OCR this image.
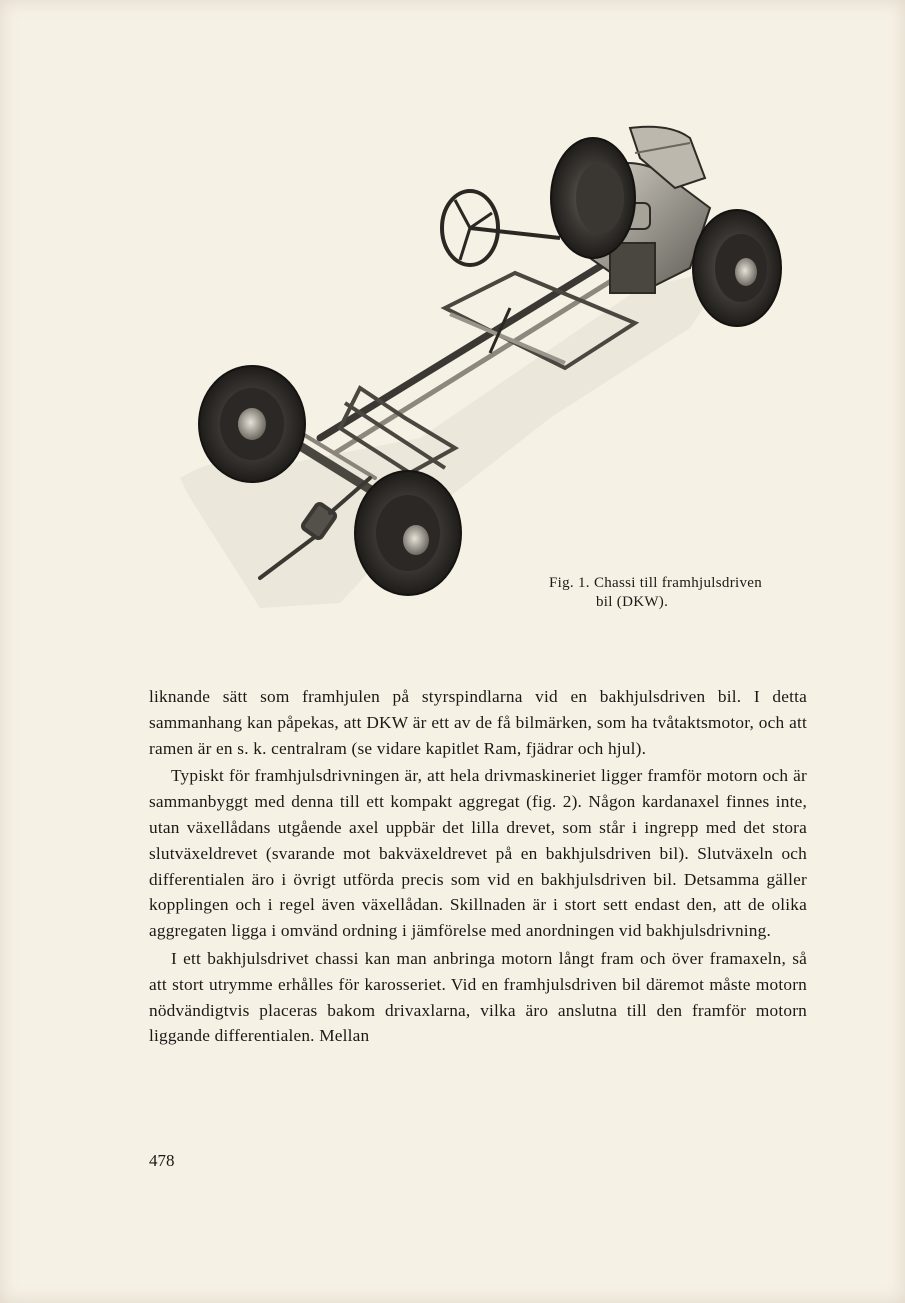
Fig. 1. Chassi till framhjulsdriven
bil (DKW).

liknande sätt som framhjulen på styrspindlarna vid en bakhjulsdriven bil. I detta sammanhang kan påpekas, att DKW är ett av de få bilmärken, som ha tvåtaktsmotor, och att ramen är en s. k. centralram (se vidare kapitlet Ram, fjädrar och hjul).

Typiskt för framhjulsdrivningen är, att hela drivmaskineriet ligger framför motorn och är sammanbyggt med denna till ett kompakt aggregat (fig. 2). Någon kardanaxel finnes inte, utan växellådans utgående axel uppbär det lilla drevet, som står i ingrepp med det stora slutväxeldrevet (svarande mot bakväxeldrevet på en bakhjulsdriven bil). Slutväxeln och differentialen äro i övrigt utförda precis som vid en bakhjulsdriven bil. Detsamma gäller kopplingen och i regel även växellådan. Skillnaden är i stort sett endast den, att de olika aggregaten ligga i omvänd ordning i jämförelse med anordningen vid bakhjulsdrivning.

I ett bakhjulsdrivet chassi kan man anbringa motorn långt fram och över framaxeln, så att stort utrymme erhålles för karosseriet. Vid en framhjulsdriven bil däremot måste motorn nödvändigtvis placeras bakom drivaxlarna, vilka äro anslutna till den framför motorn liggande differentialen. Mellan

478
